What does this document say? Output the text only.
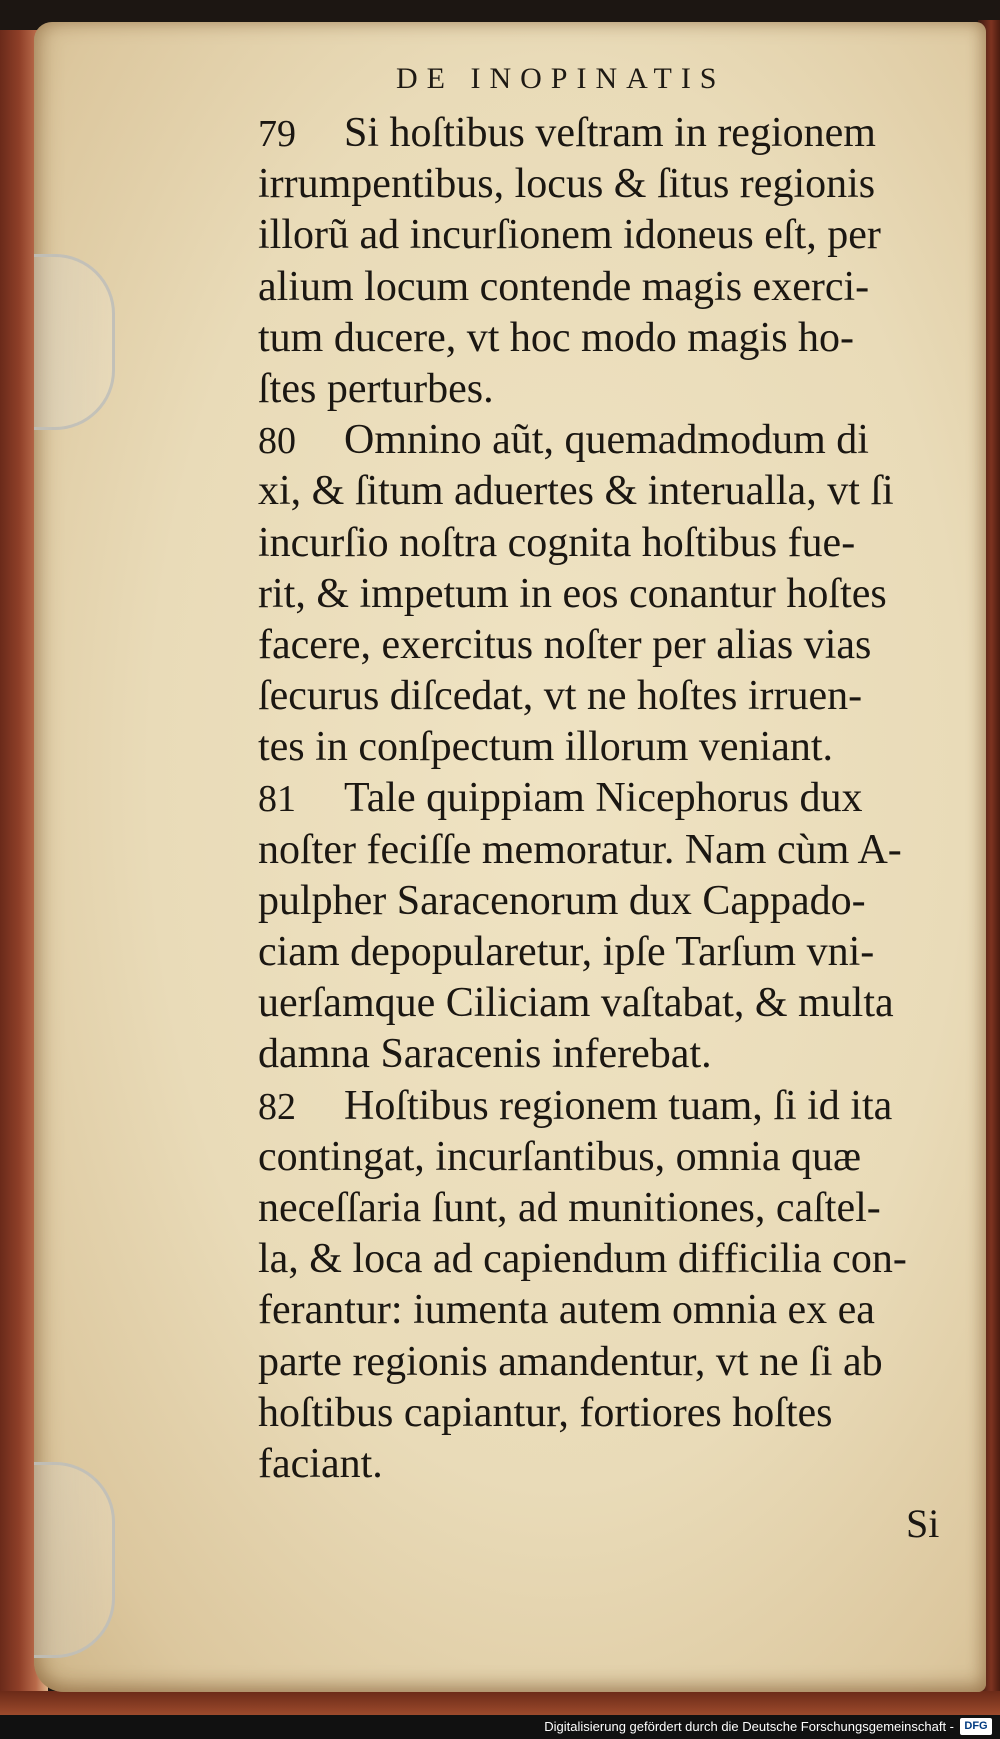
DE INOPINATIS
79 Si hoſtibus veſtram in regionem
irrumpentibus, locus & ſitus regionis
illorũ ad incurſionem idoneus eſt, per
alium locum contende magis exerci-
tum ducere, vt hoc modo magis ho-
ſtes perturbes.
80 Omnino aũt, quemadmodum di
xi, & ſitum aduertes & interualla, vt ſi
incurſio noſtra cognita hoſtibus fue-
rit, & impetum in eos conantur hoſtes
facere, exercitus noſter per alias vias
ſecurus diſcedat, vt ne hoſtes irruen-
tes in conſpectum illorum veniant.
81 Tale quippiam Nicephorus dux
noſter feciſſe memoratur. Nam cùm A-
pulpher Saracenorum dux Cappado-
ciam depopularetur, ipſe Tarſum vni-
uerſamque Ciliciam vaſtabat, & multa
damna Saracenis inferebat.
82 Hoſtibus regionem tuam, ſi id ita
contingat, incurſantibus, omnia quæ
neceſſaria ſunt, ad munitiones, caſtel-
la, & loca ad capiendum difficilia con-
ferantur: iumenta autem omnia ex ea
parte regionis amandentur, vt ne ſi ab
hoſtibus capiantur, fortiores hoſtes
faciant.
Si
Digitalisierung gefördert durch die Deutsche Forschungsgemeinschaft - DFG
